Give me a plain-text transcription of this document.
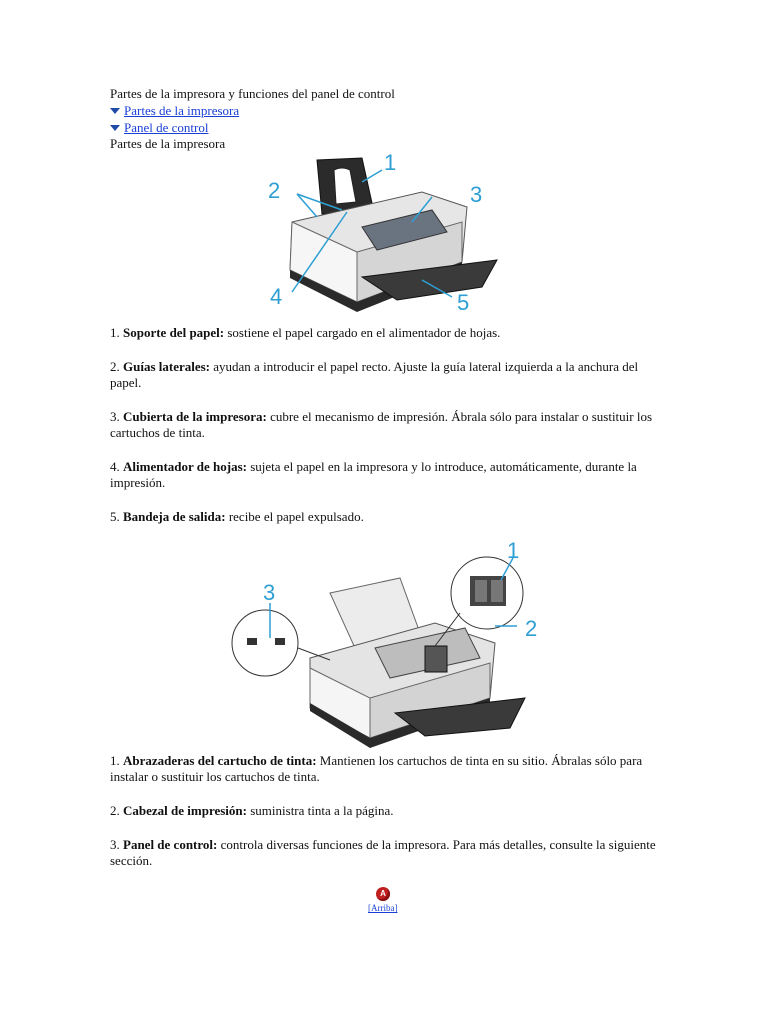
Partes de la impresora y funciones del panel de control

Partes de la impresora
Panel de control

Partes de la impresora

1
2	3
4	5

1. Soporte del papel: sostiene el papel cargado en el alimentador de hojas.

2. Guías laterales: ayudan a introducir el papel recto. Ajuste la guía lateral izquierda a la anchura del papel.

3. Cubierta de la impresora: cubre el mecanismo de impresión. Ábrala sólo para instalar o sustituir los cartuchos de tinta.

4. Alimentador de hojas: sujeta el papel en la impresora y lo introduce, automáticamente, durante la impresión.

5. Bandeja de salida: recibe el papel expulsado.

1
2
3

1. Abrazaderas del cartucho de tinta: Mantienen los cartuchos de tinta en su sitio. Ábralas sólo para instalar o sustituir los cartuchos de tinta.

2. Cabezal de impresión: suministra tinta a la página.

3. Panel de control: controla diversas funciones de la impresora. Para más detalles, consulte la siguiente sección.

A
[Arriba]
